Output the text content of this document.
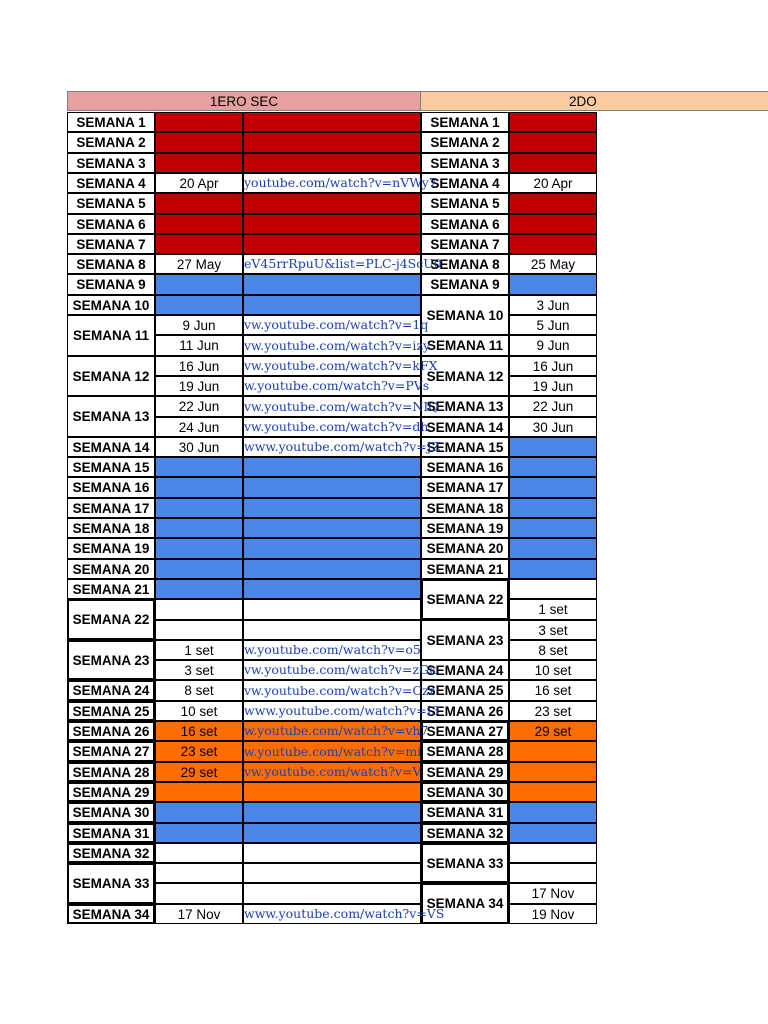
1ERO SEC	2DO
SEMANA 1
SEMANA 2
SEMANA 3
SEMANA 4
SEMANA 5
SEMANA 6
SEMANA 7
SEMANA 8
SEMANA 9
SEMANA 10
SEMANA 11
SEMANA 12
SEMANA 13
SEMANA 14
SEMANA 15
SEMANA 16
SEMANA 17
SEMANA 18
SEMANA 19
SEMANA 20
SEMANA 21
SEMANA 22
SEMANA 23
SEMANA 24
SEMANA 25
SEMANA 26
SEMANA 27
SEMANA 28
SEMANA 29
SEMANA 30
SEMANA 31
SEMANA 32
SEMANA 33
SEMANA 34
SEMANA 1
SEMANA 2
SEMANA 3
SEMANA 4
SEMANA 5
SEMANA 6
SEMANA 7
SEMANA 8
SEMANA 9
SEMANA 10
SEMANA 11
SEMANA 12
SEMANA 13
SEMANA 14
SEMANA 15
SEMANA 16
SEMANA 17
SEMANA 18
SEMANA 19
SEMANA 20
SEMANA 21
SEMANA 22
SEMANA 23
SEMANA 24
SEMANA 25
SEMANA 26
SEMANA 27
SEMANA 28
SEMANA 29
SEMANA 30
SEMANA 31
SEMANA 32
SEMANA 33
SEMANA 34
20 Apr youtube.com/watch?v=nVWy7
27 May eV45rrRpuU&list=PLC-j4ScU0
9 Jun vw.youtube.com/watch?v=1q
11 Jun vw.youtube.com/watch?v=izy
16 Jun vw.youtube.com/watch?v=kFX
19 Jun w.youtube.com/watch?v=PVs
22 Jun vw.youtube.com/watch?v=NIQ
24 Jun vw.youtube.com/watch?v=dh
30 Jun www.youtube.com/watch?v=JZ
1 set w.youtube.com/watch?v=o5
3 set vw.youtube.com/watch?v=zGk
8 set vw.youtube.com/watch?v=Czz
10 set www.youtube.com/watch?v=I3
16 set w.youtube.com/watch?v=vh7
23 set w.youtube.com/watch?v=mi
29 set vw.youtube.com/watch?v=V
17 Nov www.youtube.com/watch?v=VS
20 Apr
25 May
3 Jun
5 Jun
9 Jun
16 Jun
19 Jun
22 Jun
30 Jun
1 set
3 set
8 set
10 set
16 set
23 set
29 set
17 Nov
19 Nov
